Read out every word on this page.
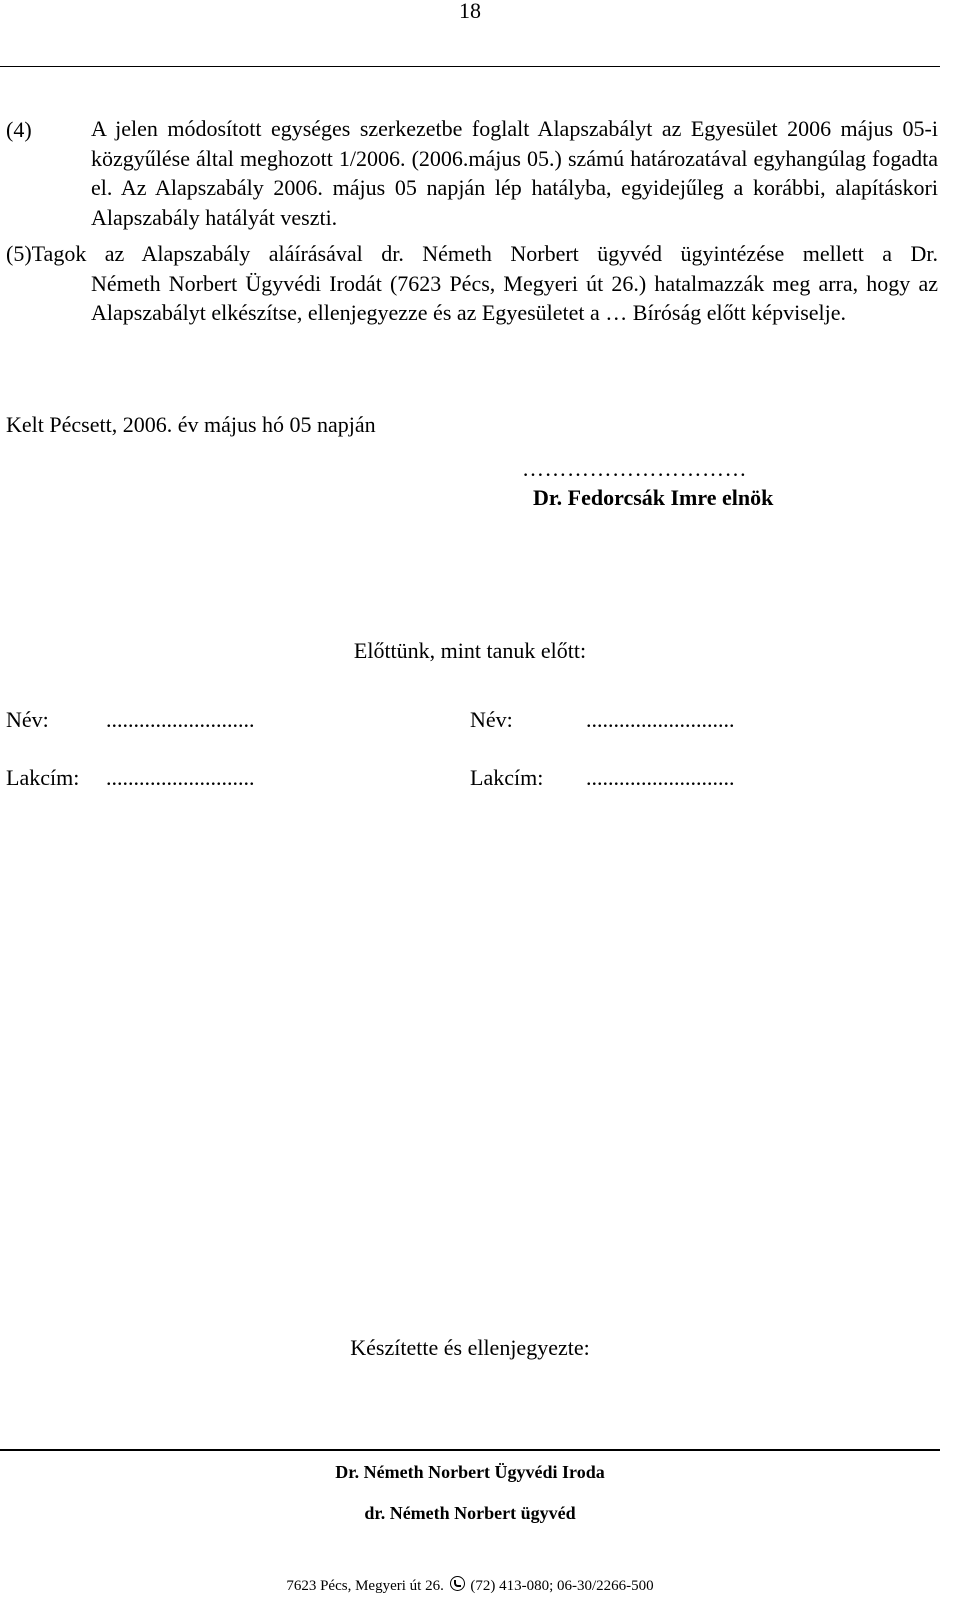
18
(4)	A jelen módosított egységes szerkezetbe foglalt Alapszabályt az Egyesület 2006 május 05-i közgyűlése által meghozott 1/2006. (2006.május 05.) számú határozatával egyhangúlag fogadta el. Az Alapszabály 2006. május 05 napján lép hatályba, egyidejűleg a korábbi, alapításkori Alapszabály hatályát veszti.
(5)Tagok az Alapszabály aláírásával dr. Németh Norbert ügyvéd ügyintézése mellett a Dr.
Németh Norbert Ügyvédi Irodát (7623 Pécs, Megyeri út 26.) hatalmazzák meg arra, hogy az Alapszabályt elkészítse, ellenjegyezze és az Egyesületet a … Bíróság előtt képviselje.
Kelt Pécsett, 2006. év május hó 05 napján
…………………………
Dr. Fedorcsák Imre elnök
Előttünk, mint tanuk előtt:
Név:	...........................	Név:	...........................
Lakcím: ...........................	Lakcím: ...........................
Készítette és ellenjegyezte:
Dr. Németh Norbert Ügyvédi Iroda
dr. Németh Norbert ügyvéd
7623 Pécs, Megyeri út 26. (72) 413-080; 06-30/2266-500
